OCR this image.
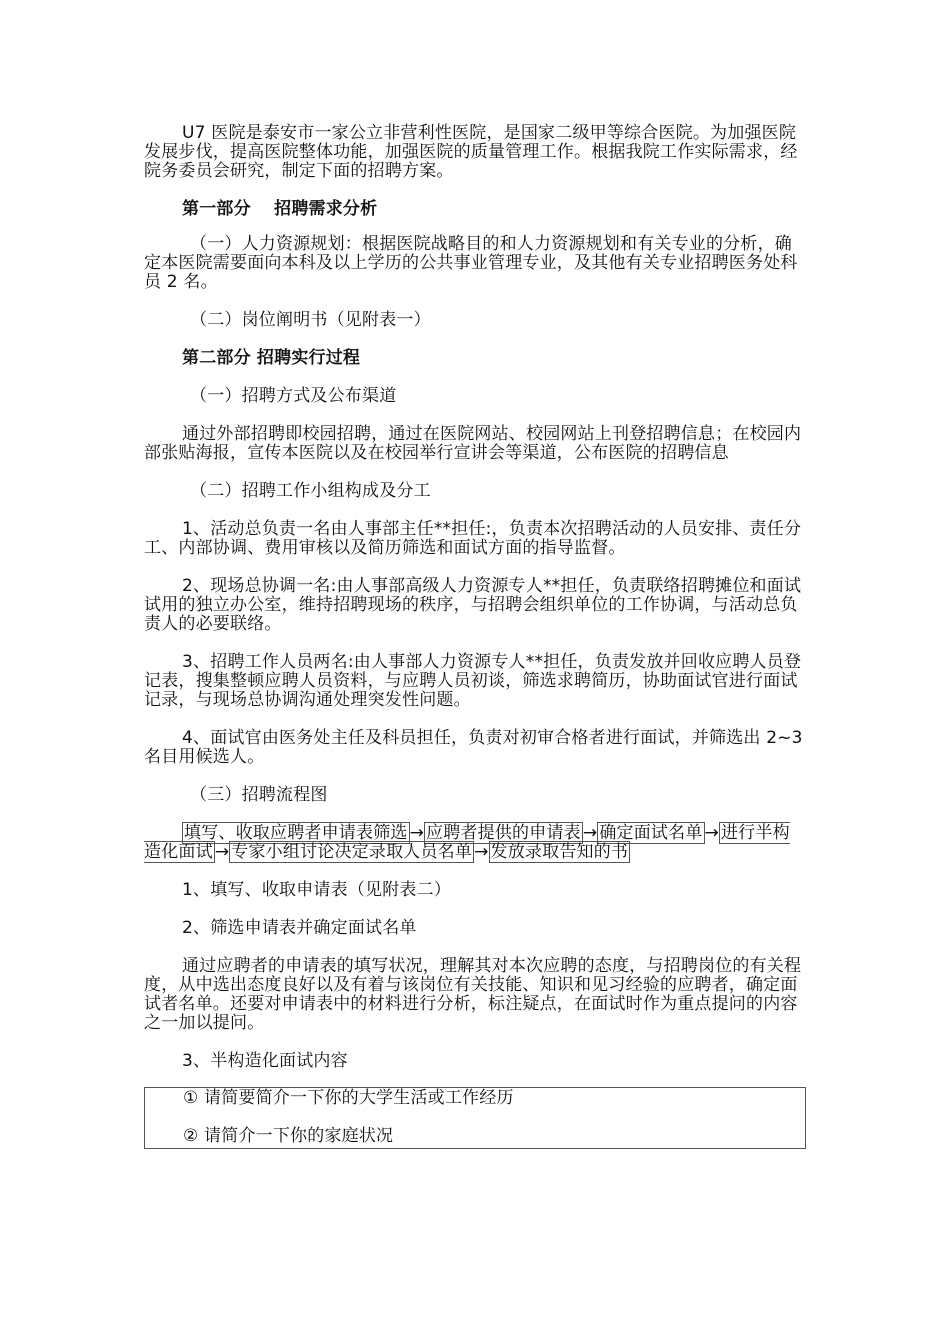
U7 医院是泰安市一家公立非营利性医院，是国家二级甲等综合医院。为加强医院发展步伐，提高医院整体功能，加强医院的质量管理工作。根据我院工作实际需求，经院务委员会研究，制定下面的招聘方案。

第一部分　 招聘需求分析

（一）人力资源规划：根据医院战略目的和人力资源规划和有关专业的分析，确定本医院需要面向本科及以上学历的公共事业管理专业，及其他有关专业招聘医务处科员 2 名。

（二）岗位阐明书（见附表一）

第二部分 招聘实行过程

（一）招聘方式及公布渠道

通过外部招聘即校园招聘，通过在医院网站、校园网站上刊登招聘信息；在校园内部张贴海报，宣传本医院以及在校园举行宣讲会等渠道，公布医院的招聘信息

（二）招聘工作小组构成及分工

1、活动总负责一名由人事部主任**担任:，负责本次招聘活动的人员安排、责任分工、内部协调、费用审核以及简历筛选和面试方面的指导监督。

2、现场总协调一名:由人事部高级人力资源专人**担任，负责联络招聘摊位和面试试用的独立办公室，维持招聘现场的秩序，与招聘会组织单位的工作协调，与活动总负责人的必要联络。

3、招聘工作人员两名:由人事部人力资源专人**担任，负责发放并回收应聘人员登记表，搜集整顿应聘人员资料，与应聘人员初谈，筛选求聘简历，协助面试官进行面试记录，与现场总协调沟通处理突发性问题。

4、面试官由医务处主任及科员担任，负责对初审合格者进行面试，并筛选出 2~3 名目用候选人。

（三）招聘流程图

填写、收取应聘者申请表筛选 → 应聘者提供的申请表 → 确定面试名单 → 进行半构造化面试 → 专家小组讨论决定录取人员名单 → 发放录取告知的书

1、填写、收取申请表（见附表二）

2、筛选申请表并确定面试名单

通过应聘者的申请表的填写状况，理解其对本次应聘的态度，与招聘岗位的有关程度，从中选出态度良好以及有着与该岗位有关技能、知识和见习经验的应聘者，确定面试者名单。还要对申请表中的材料进行分析，标注疑点，在面试时作为重点提问的内容之一加以提问。

3、半构造化面试内容

① 请简要简介一下你的大学生活或工作经历

② 请简介一下你的家庭状况
